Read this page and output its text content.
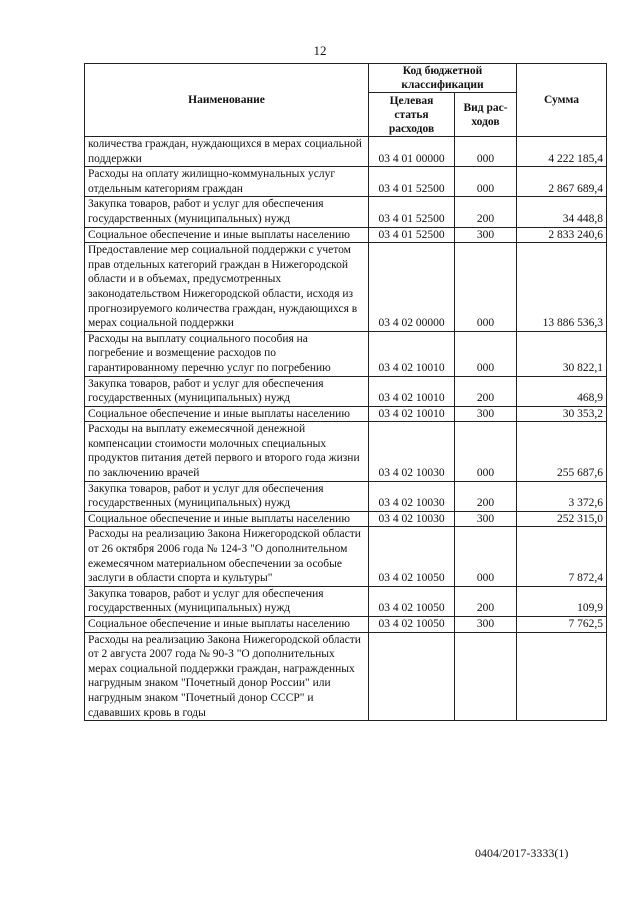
12
Наименование	Код бюджетной классификации		Сумма
	Целевая статья расходов	Вид рас-ходов	
количества граждан, нуждающихся в мерах социальной поддержки	03 4 01 00000	000	4 222 185,4
Расходы на оплату жилищно-коммунальных услуг отдельным категориям граждан	03 4 01 52500	000	2 867 689,4
Закупка товаров, работ и услуг для обеспечения государственных (муниципальных) нужд	03 4 01 52500	200	34 448,8
Социальное обеспечение и иные выплаты населению	03 4 01 52500	300	2 833 240,6
Предоставление мер социальной поддержки с учетом прав отдельных категорий граждан в Нижегородской области и в объемах, предусмотренных законодательством Нижегородской области, исходя из прогнозируемого количества граждан, нуждающихся в мерах социальной поддержки	03 4 02 00000	000	13 886 536,3
Расходы на выплату социального пособия на погребение и возмещение расходов по гарантированному перечню услуг по погребению	03 4 02 10010	000	30 822,1
Закупка товаров, работ и услуг для обеспечения государственных (муниципальных) нужд	03 4 02 10010	200	468,9
Социальное обеспечение и иные выплаты населению	03 4 02 10010	300	30 353,2
Расходы на выплату ежемесячной денежной компенсации стоимости молочных специальных продуктов питания детей первого и второго года жизни по заключению врачей	03 4 02 10030	000	255 687,6
Закупка товаров, работ и услуг для обеспечения государственных (муниципальных) нужд	03 4 02 10030	200	3 372,6
Социальное обеспечение и иные выплаты населению	03 4 02 10030	300	252 315,0
Расходы на реализацию Закона Нижегородской области от 26 октября 2006 года № 124-З "О дополнительном ежемесячном материальном обеспечении за особые заслуги в области спорта и культуры"	03 4 02 10050	000	7 872,4
Закупка товаров, работ и услуг для обеспечения государственных (муниципальных) нужд	03 4 02 10050	200	109,9
Социальное обеспечение и иные выплаты населению	03 4 02 10050	300	7 762,5
Расходы на реализацию Закона Нижегородской области от 2 августа 2007 года № 90-З "О дополнительных мерах социальной поддержки граждан, награжденных нагрудным знаком "Почетный донор России" или нагрудным знаком "Почетный донор СССР" и сдававших кровь в годы			
0404/2017-3333(1)
